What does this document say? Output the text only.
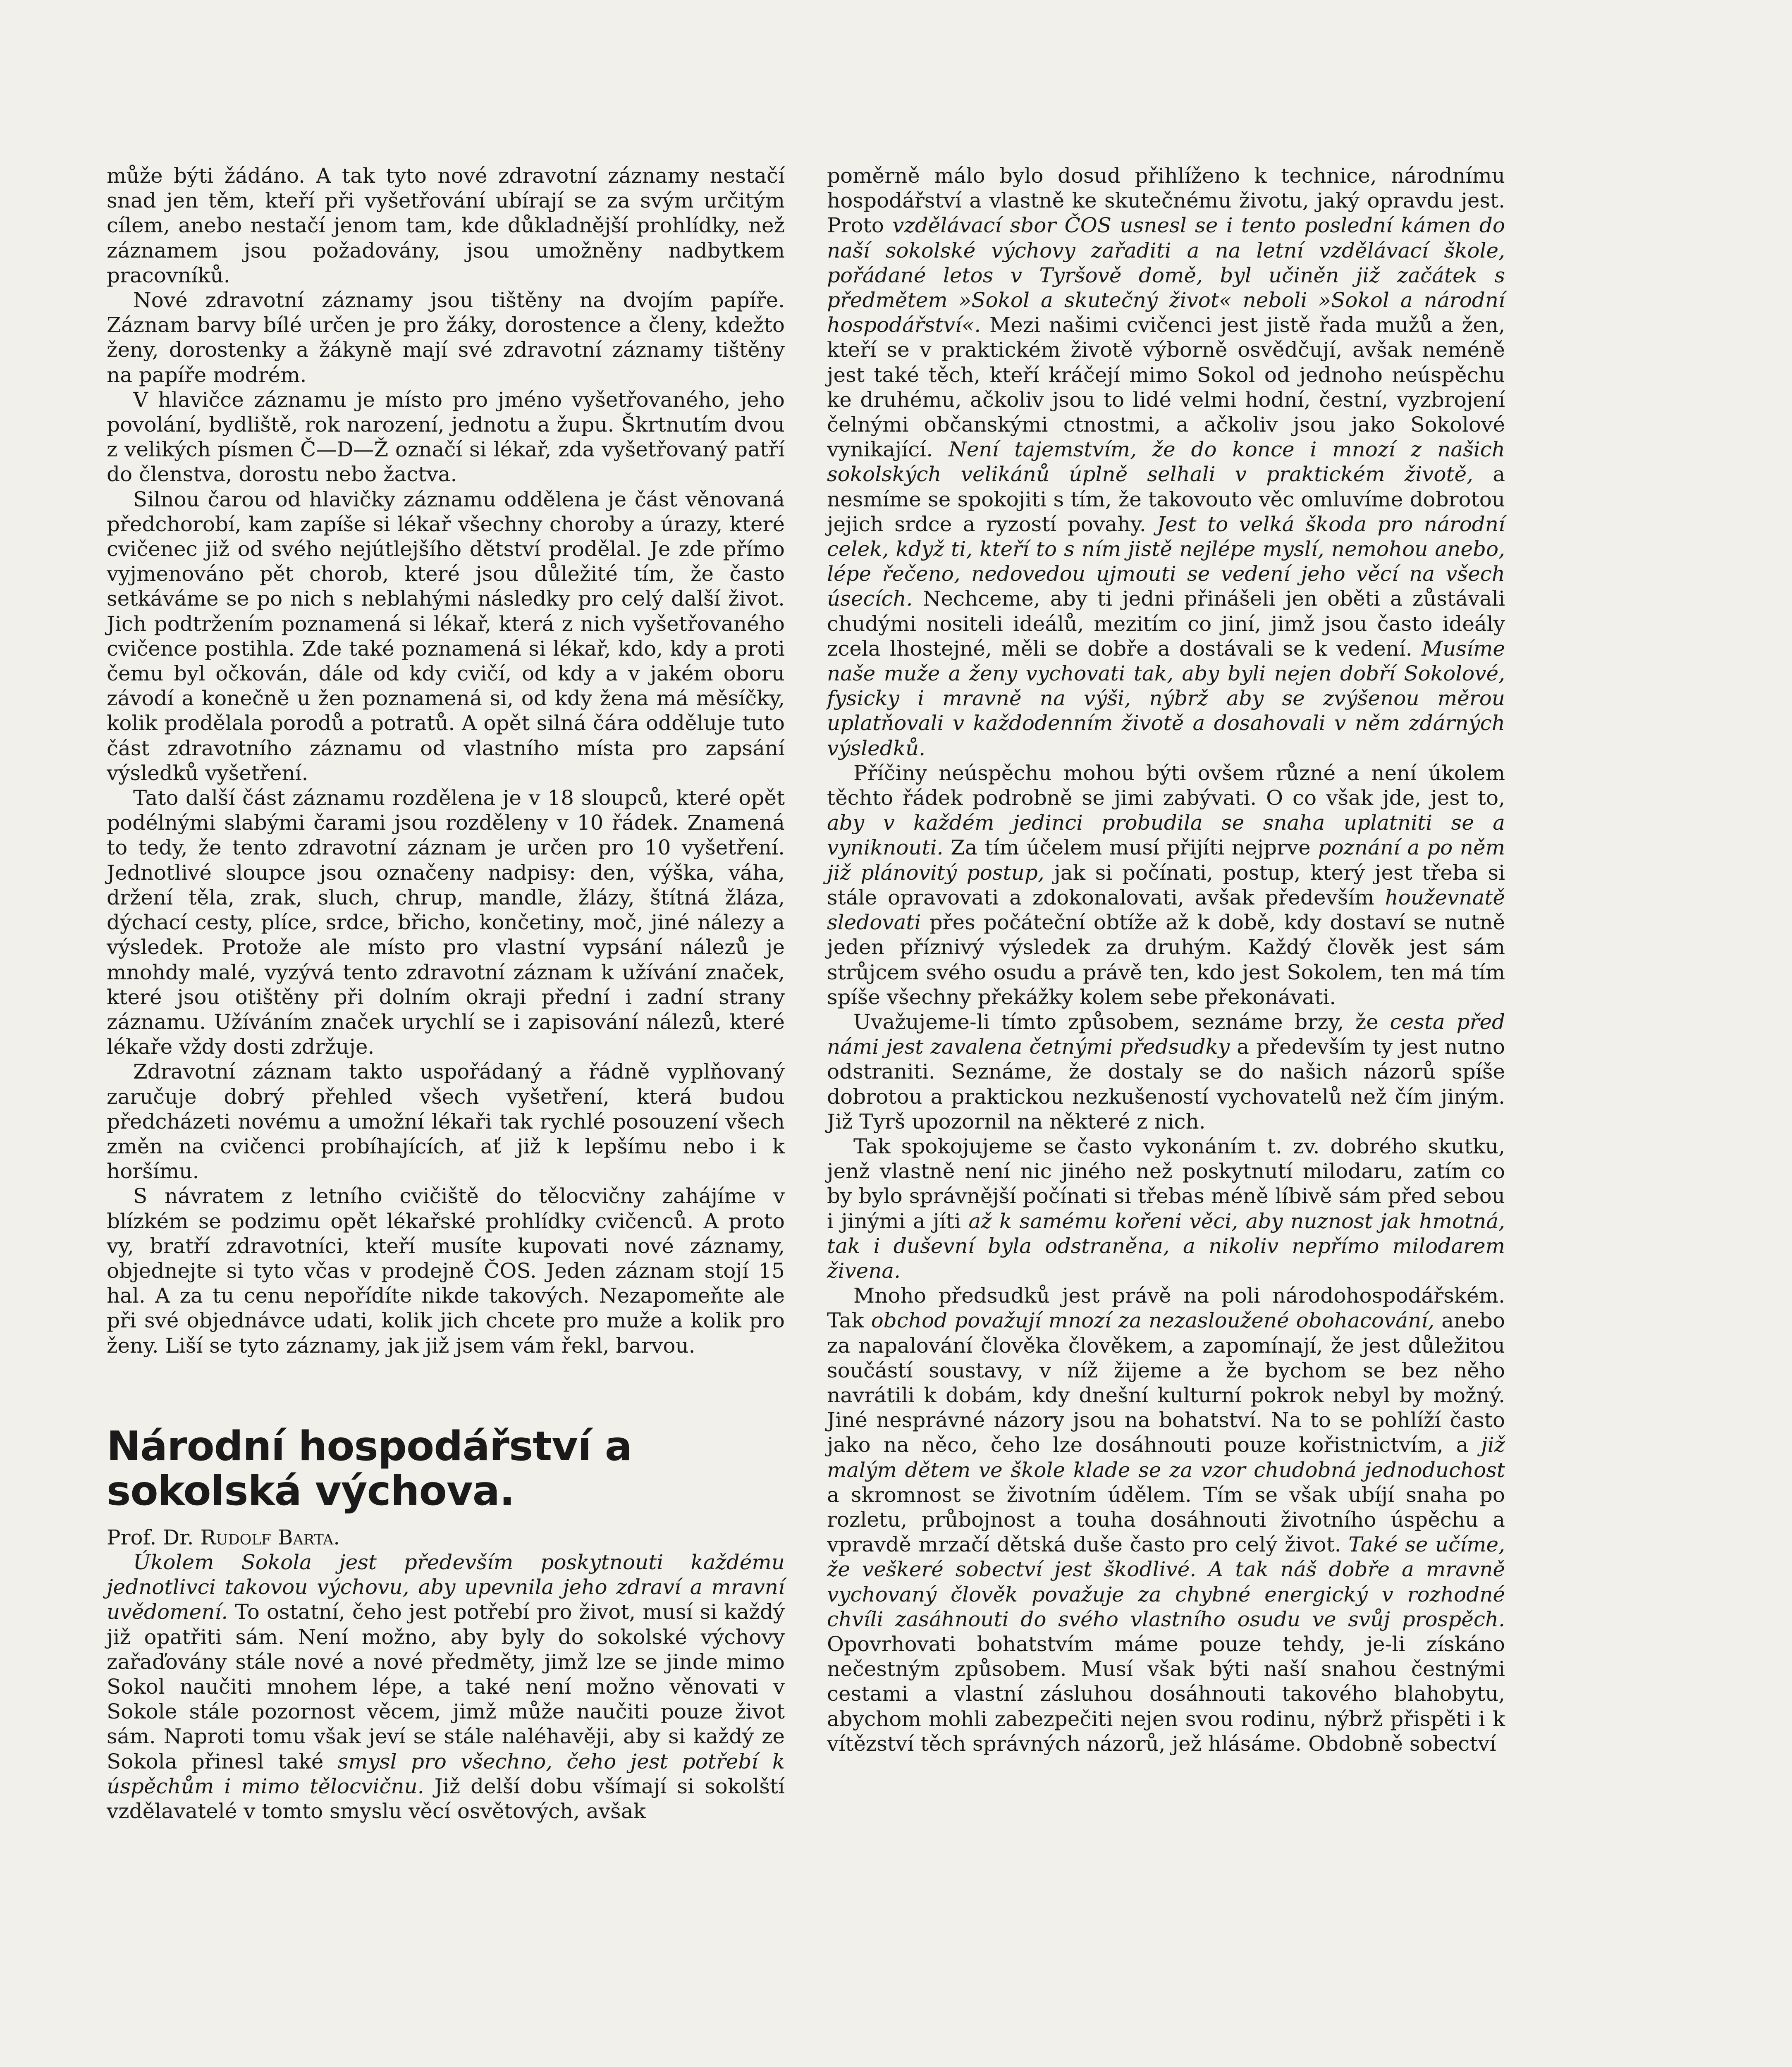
může býti žádáno. A tak tyto nové zdravotní záznamy nestačí snad jen těm, kteří při vyšetřování ubírají se za svým určitým cílem, anebo nestačí jenom tam, kde důkladnější prohlídky, než záznamem jsou požadovány, jsou umožněny nadbytkem pracovníků.

Nové zdravotní záznamy jsou tištěny na dvojím papíře. Záznam barvy bílé určen je pro žáky, dorostence a členy, kdežto ženy, dorostenky a žákyně mají své zdravotní záznamy tištěny na papíře modrém.

V hlavičce záznamu je místo pro jméno vyšetřovaného, jeho povolání, bydliště, rok narození, jednotu a župu. Škrtnutím dvou z velikých písmen Č—D—Ž označí si lékař, zda vyšetřovaný patří do členstva, dorostu nebo žactva.

Silnou čarou od hlavičky záznamu oddělena je část věnovaná předchorobí, kam zapíše si lékař všechny choroby a úrazy, které cvičenec již od svého nejútlejšího dětství prodělal. Je zde přímo vyjmenováno pět chorob, které jsou důležité tím, že často setkáváme se po nich s neblahými následky pro celý další život. Jich podtržením poznamená si lékař, která z nich vyšetřovaného cvičence postihla. Zde také poznamená si lékař, kdo, kdy a proti čemu byl očkován, dále od kdy cvičí, od kdy a v jakém oboru závodí a konečně u žen poznamená si, od kdy žena má měsíčky, kolik prodělala porodů a potratů. A opět silná čára odděluje tuto část zdravotního záznamu od vlastního místa pro zapsání výsledků vyšetření.

Tato další část záznamu rozdělena je v 18 sloupců, které opět podélnými slabými čarami jsou rozděleny v 10 řádek. Znamená to tedy, že tento zdravotní záznam je určen pro 10 vyšetření. Jednotlivé sloupce jsou označeny nadpisy: den, výška, váha, držení těla, zrak, sluch, chrup, mandle, žlázy, štítná žláza, dýchací cesty, plíce, srdce, břicho, končetiny, moč, jiné nálezy a výsledek. Protože ale místo pro vlastní vypsání nálezů je mnohdy malé, vyzývá tento zdravotní záznam k užívání značek, které jsou otištěny při dolním okraji přední i zadní strany záznamu. Užíváním značek urychlí se i zapisování nálezů, které lékaře vždy dosti zdržuje.

Zdravotní záznam takto uspořádaný a řádně vyplňovaný zaručuje dobrý přehled všech vyšetření, která budou předcházeti novému a umožní lékaři tak rychlé posouzení všech změn na cvičenci probíhajících, ať již k lepšímu nebo i k horšímu.

S návratem z letního cvičiště do tělocvičny zahájíme v blízkém se podzimu opět lékařské prohlídky cvičenců. A proto vy, bratří zdravotníci, kteří musíte kupovati nové záznamy, objednejte si tyto včas v prodejně ČOS. Jeden záznam stojí 15 hal. A za tu cenu nepořídíte nikde takových. Nezapomeňte ale při své objednávce udati, kolik jich chcete pro muže a kolik pro ženy. Liší se tyto záznamy, jak již jsem vám řekl, barvou.

Národní hospodářství a sokolská výchova.

Prof. Dr. Rudolf Barta.

Úkolem Sokola jest především poskytnouti každému jednotlivci takovou výchovu, aby upevnila jeho zdraví a mravní uvědomení. To ostatní, čeho jest potřebí pro život, musí si každý již opatřiti sám. Není možno, aby byly do sokolské výchovy zařaďovány stále nové a nové předměty, jimž lze se jinde mimo Sokol naučiti mnohem lépe, a také není možno věnovati v Sokole stále pozornost věcem, jimž může naučiti pouze život sám. Naproti tomu však jeví se stále naléhavěji, aby si každý ze Sokola přinesl také smysl pro všechno, čeho jest potřebí k úspěchům i mimo tělocvičnu. Již delší dobu všímají si sokolští vzdělavatelé v tomto smyslu věcí osvětových, avšak

poměrně málo bylo dosud přihlíženo k technice, národnímu hospodářství a vlastně ke skutečnému životu, jaký opravdu jest. Proto vzdělávací sbor ČOS usnesl se i tento poslední kámen do naší sokolské výchovy zařaditi a na letní vzdělávací škole, pořádané letos v Tyršově domě, byl učiněn již začátek s předmětem »Sokol a skutečný život« neboli »Sokol a národní hospodářství«. Mezi našimi cvičenci jest jistě řada mužů a žen, kteří se v praktickém životě výborně osvědčují, avšak neméně jest také těch, kteří kráčejí mimo Sokol od jednoho neúspěchu ke druhému, ačkoliv jsou to lidé velmi hodní, čestní, vyzbrojení čelnými občanskými ctnostmi, a ačkoliv jsou jako Sokolové vynikající. Není tajemstvím, že do konce i mnozí z našich sokolských velikánů úplně selhali v praktickém životě, a nesmíme se spokojiti s tím, že takovouto věc omluvíme dobrotou jejich srdce a ryzostí povahy. Jest to velká škoda pro národní celek, když ti, kteří to s ním jistě nejlépe myslí, nemohou anebo, lépe řečeno, nedovedou ujmouti se vedení jeho věcí na všech úsecích. Nechceme, aby ti jedni přinášeli jen oběti a zůstávali chudými nositeli ideálů, mezitím co jiní, jimž jsou často ideály zcela lhostejné, měli se dobře a dostávali se k vedení. Musíme naše muže a ženy vychovati tak, aby byli nejen dobří Sokolové, fysicky i mravně na výši, nýbrž aby se zvýšenou měrou uplatňovali v každodenním životě a dosahovali v něm zdárných výsledků.

Příčiny neúspěchu mohou býti ovšem různé a není úkolem těchto řádek podrobně se jimi zabývati. O co však jde, jest to, aby v každém jedinci probudila se snaha uplatniti se a vyniknouti. Za tím účelem musí přijíti nejprve poznání a po něm již plánovitý postup, jak si počínati, postup, který jest třeba si stále opravovati a zdokonalovati, avšak především houževnatě sledovati přes počáteční obtíže až k době, kdy dostaví se nutně jeden příznivý výsledek za druhým. Každý člověk jest sám strůjcem svého osudu a právě ten, kdo jest Sokolem, ten má tím spíše všechny překážky kolem sebe překonávati.

Uvažujeme-li tímto způsobem, seznáme brzy, že cesta před námi jest zavalena četnými předsudky a především ty jest nutno odstraniti. Seznáme, že dostaly se do našich názorů spíše dobrotou a praktickou nezkušeností vychovatelů než čím jiným. Již Tyrš upozornil na některé z nich.

Tak spokojujeme se často vykonáním t. zv. dobrého skutku, jenž vlastně není nic jiného než poskytnutí milodaru, zatím co by bylo správnější počínati si třebas méně líbivě sám před sebou i jinými a jíti až k samému kořeni věci, aby nuznost jak hmotná, tak i duševní byla odstraněna, a nikoliv nepřímo milodarem živena.

Mnoho předsudků jest právě na poli národohospodářském. Tak obchod považují mnozí za nezasloužené obohacování, anebo za napalování člověka člověkem, a zapomínají, že jest důležitou součástí soustavy, v níž žijeme a že bychom se bez něho navrátili k dobám, kdy dnešní kulturní pokrok nebyl by možný. Jiné nesprávné názory jsou na bohatství. Na to se pohlíží často jako na něco, čeho lze dosáhnouti pouze kořistnictvím, a již malým dětem ve škole klade se za vzor chudobná jednoduchost a skromnost se životním údělem. Tím se však ubíjí snaha po rozletu, průbojnost a touha dosáhnouti životního úspěchu a vpravdě mrzačí dětská duše často pro celý život. Také se učíme, že veškeré sobectví jest škodlivé. A tak náš dobře a mravně vychovaný člověk považuje za chybné energický v rozhodné chvíli zasáhnouti do svého vlastního osudu ve svůj prospěch. Opovrhovati bohatstvím máme pouze tehdy, je-li získáno nečestným způsobem. Musí však býti naší snahou čestnými cestami a vlastní zásluhou dosáhnouti takového blahobytu, abychom mohli zabezpečiti nejen svou rodinu, nýbrž přispěti i k vítězství těch správných názorů, jež hlásáme. Obdobně sobectví
